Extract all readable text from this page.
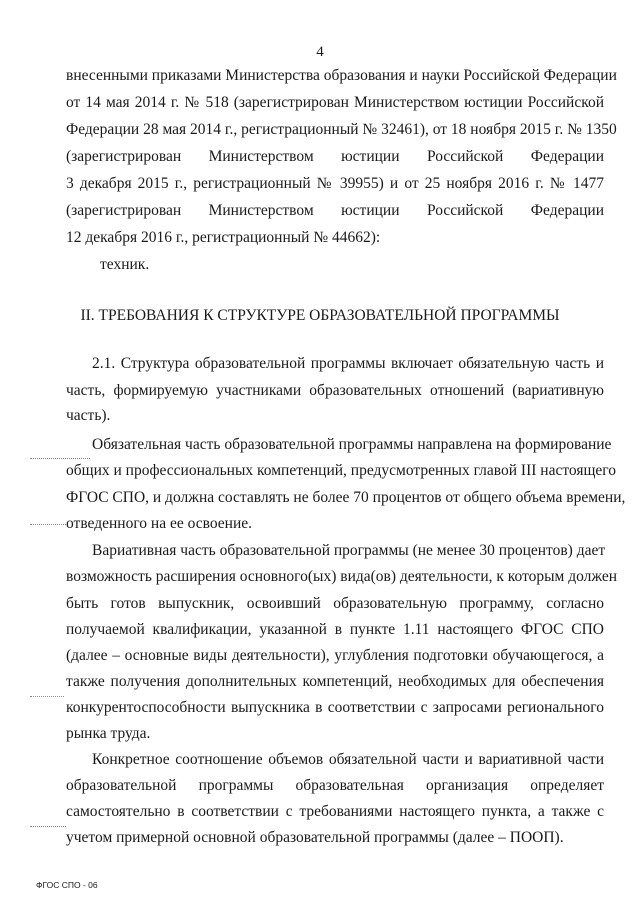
4
внесенными приказами Министерства образования и науки Российской Федерации
от 14 мая 2014 г. № 518 (зарегистрирован Министерством юстиции Российской
Федерации 28 мая 2014 г., регистрационный № 32461), от 18 ноября 2015 г. № 1350
(зарегистрирован Министерством юстиции Российской Федерации
3 декабря 2015 г., регистрационный № 39955) и от 25 ноября 2016 г. № 1477
(зарегистрирован Министерством юстиции Российской Федерации
12 декабря 2016 г., регистрационный № 44662):
техник.
II. ТРЕБОВАНИЯ К СТРУКТУРЕ ОБРАЗОВАТЕЛЬНОЙ ПРОГРАММЫ
2.1. Структура образовательной программы включает обязательную часть и
часть, формируемую участниками образовательных отношений (вариативную
часть).
Обязательная часть образовательной программы направлена на формирование
общих и профессиональных компетенций, предусмотренных главой III настоящего
ФГОС СПО, и должна составлять не более 70 процентов от общего объема времени,
отведенного на ее освоение.
Вариативная часть образовательной программы (не менее 30 процентов) дает
возможность расширения основного(ых) вида(ов) деятельности, к которым должен
быть готов выпускник, освоивший образовательную программу, согласно
получаемой квалификации, указанной в пункте 1.11 настоящего ФГОС СПО
(далее – основные виды деятельности), углубления подготовки обучающегося, а
также получения дополнительных компетенций, необходимых для обеспечения
конкурентоспособности выпускника в соответствии с запросами регионального
рынка труда.
Конкретное соотношение объемов обязательной части и вариативной части
образовательной программы образовательная организация определяет
самостоятельно в соответствии с требованиями настоящего пункта, а также с
учетом примерной основной образовательной программы (далее – ПООП).
ФГОС СПО - 06
